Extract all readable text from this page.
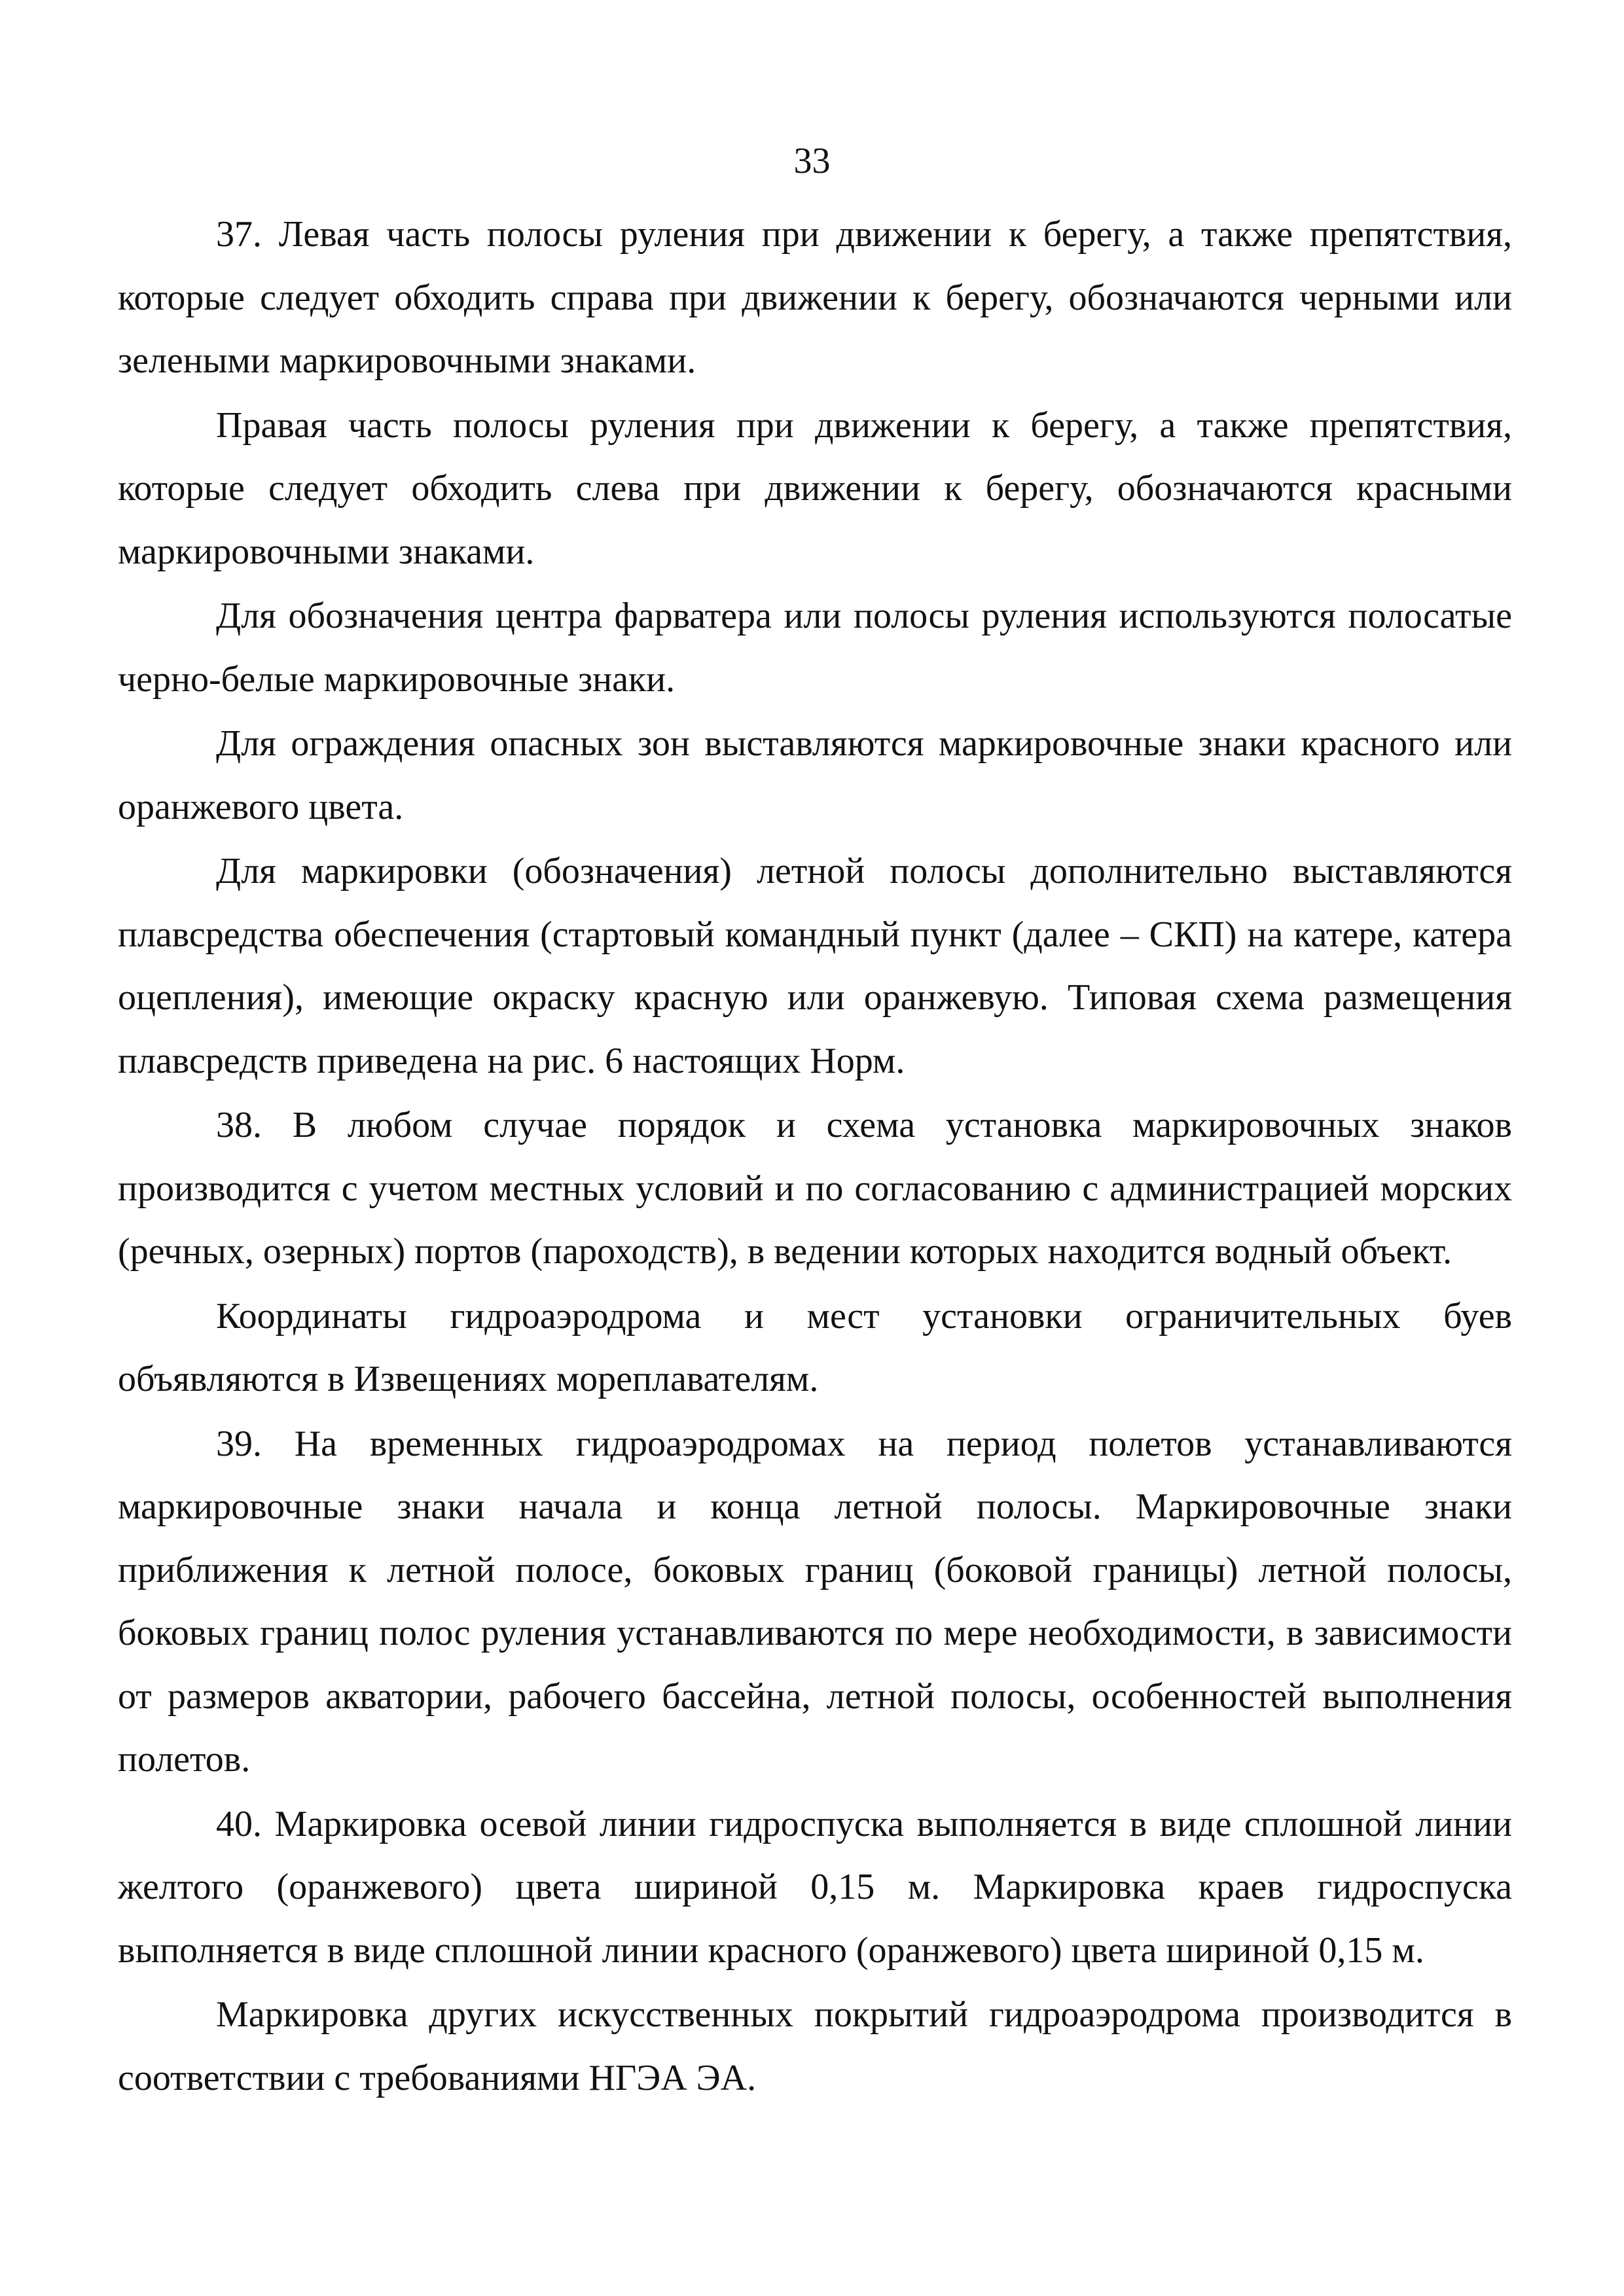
33

37. Левая часть полосы руления при движении к берегу, а также препятствия, которые следует обходить справа при движении к берегу, обозначаются черными или зелеными маркировочными знаками.

Правая часть полосы руления при движении к берегу, а также препятствия, которые следует обходить слева при движении к берегу, обозначаются красными маркировочными знаками.

Для обозначения центра фарватера или полосы руления используются полосатые черно-белые маркировочные знаки.

Для ограждения опасных зон выставляются маркировочные знаки красного или оранжевого цвета.

Для маркировки (обозначения) летной полосы дополнительно выставляются плавсредства обеспечения (стартовый командный пункт (далее – СКП) на катере, катера оцепления), имеющие окраску красную или оранжевую. Типовая схема размещения плавсредств приведена на рис. 6 настоящих Норм.

38. В любом случае порядок и схема установка маркировочных знаков производится с учетом местных условий и по согласованию с администрацией морских (речных, озерных) портов (пароходств), в ведении которых находится водный объект.

Координаты гидроаэродрома и мест установки ограничительных буев объявляются в Извещениях мореплавателям.

39. На временных гидроаэродромах на период полетов устанавливаются маркировочные знаки начала и конца летной полосы. Маркировочные знаки приближения к летной полосе, боковых границ (боковой границы) летной полосы, боковых границ полос руления устанавливаются по мере необходимости, в зависимости от размеров акватории, рабочего бассейна, летной полосы, особенностей выполнения полетов.

40. Маркировка осевой линии гидроспуска выполняется в виде сплошной линии желтого (оранжевого) цвета шириной 0,15 м. Маркировка краев гидроспуска выполняется в виде сплошной линии красного (оранжевого) цвета шириной 0,15 м.

Маркировка других искусственных покрытий гидроаэродрома производится в соответствии с требованиями НГЭА ЭА.
